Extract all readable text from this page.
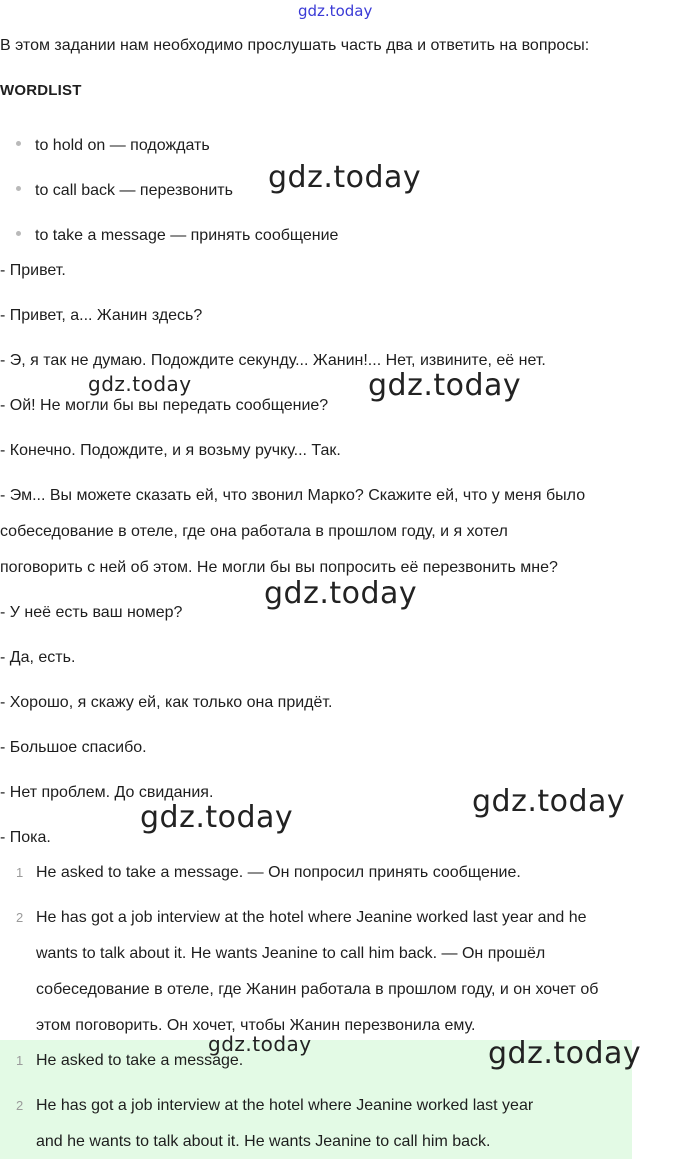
gdz.today
В этом задании нам необходимо прослушать часть два и ответить на вопросы:
WORDLIST
to hold on — подождать
to call back — перезвонить
to take a message — принять сообщение
- Привет.
- Привет, а... Жанин здесь?
- Э, я так не думаю. Подождите секунду... Жанин!... Нет, извините, её нет.
- Ой! Не могли бы вы передать сообщение?
- Конечно. Подождите, и я возьму ручку... Так.
- Эм... Вы можете сказать ей, что звонил Марко? Скажите ей, что у меня было
собеседование в отеле, где она работала в прошлом году, и я хотел
поговорить с ней об этом. Не могли бы вы попросить её перезвонить мне?
- У неё есть ваш номер?
- Да, есть.
- Хорошо, я скажу ей, как только она придёт.
- Большое спасибо.
- Нет проблем. До свидания.
- Пока.
1 He asked to take a message. — Он попросил принять сообщение.
2 He has got a job interview at the hotel where Jeanine worked last year and he
wants to talk about it. He wants Jeanine to call him back. — Он прошёл
собеседование в отеле, где Жанин работала в прошлом году, и он хочет об
этом поговорить. Он хочет, чтобы Жанин перезвонила ему.
1 He asked to take a message.
2 He has got a job interview at the hotel where Jeanine worked last year
and he wants to talk about it. He wants Jeanine to call him back.
gdz.today
gdz.today	gdz.today
gdz.today
gdz.today
gdz.today
gdz.today	gdz.today
